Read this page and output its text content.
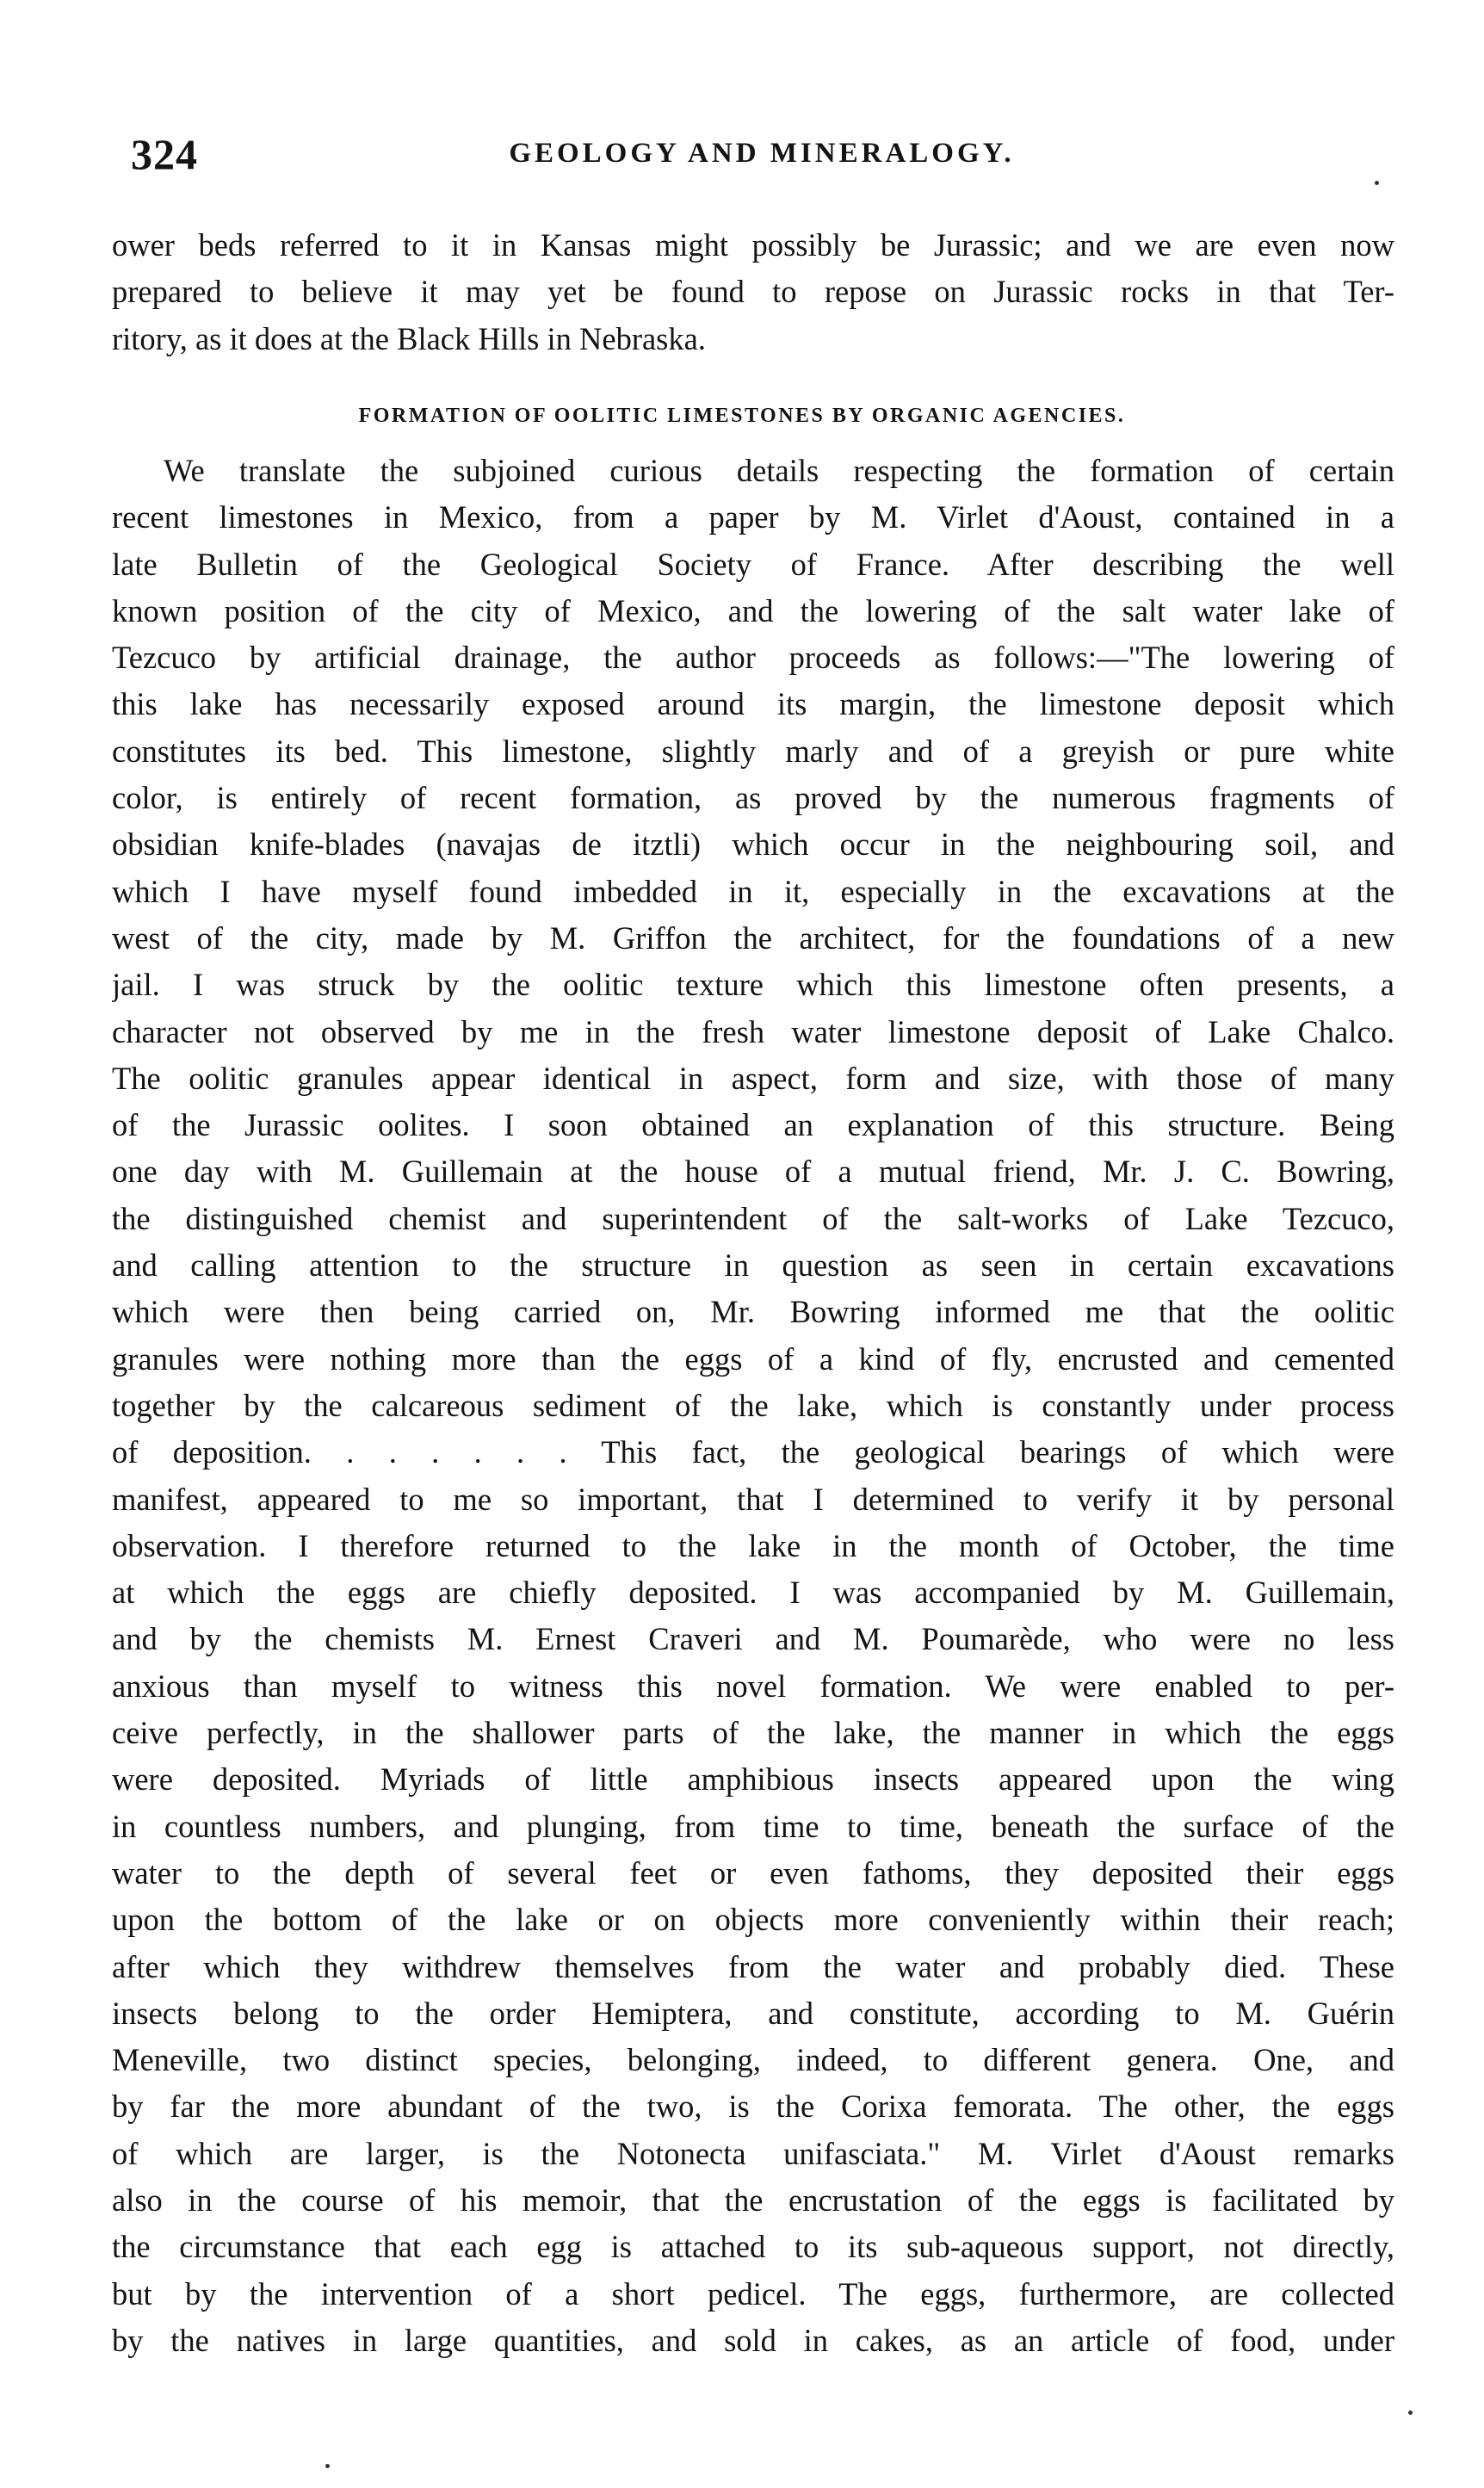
324	GEOLOGY AND MINERALOGY.
ower beds referred to it in Kansas might possibly be Jurassic; and we are even now
prepared to believe it may yet be found to repose on Jurassic rocks in that Ter-
ritory, as it does at the Black Hills in Nebraska.
FORMATION OF OOLITIC LIMESTONES BY ORGANIC AGENCIES.
We translate the subjoined curious details respecting the formation of certain
recent limestones in Mexico, from a paper by M. Virlet d'Aoust, contained in a
late Bulletin of the Geological Society of France. After describing the well
known position of the city of Mexico, and the lowering of the salt water lake of
Tezcuco by artificial drainage, the author proceeds as follows:—"The lowering of
this lake has necessarily exposed around its margin, the limestone deposit which
constitutes its bed. This limestone, slightly marly and of a greyish or pure white
color, is entirely of recent formation, as proved by the numerous fragments of
obsidian knife-blades (navajas de itztli) which occur in the neighbouring soil, and
which I have myself found imbedded in it, especially in the excavations at the
west of the city, made by M. Griffon the architect, for the foundations of a new
jail. I was struck by the oolitic texture which this limestone often presents, a
character not observed by me in the fresh water limestone deposit of Lake Chalco.
The oolitic granules appear identical in aspect, form and size, with those of many
of the Jurassic oolites. I soon obtained an explanation of this structure. Being
one day with M. Guillemain at the house of a mutual friend, Mr. J. C. Bowring,
the distinguished chemist and superintendent of the salt-works of Lake Tezcuco,
and calling attention to the structure in question as seen in certain excavations
which were then being carried on, Mr. Bowring informed me that the oolitic
granules were nothing more than the eggs of a kind of fly, encrusted and cemented
together by the calcareous sediment of the lake, which is constantly under process
of deposition. . . . . . . This fact, the geological bearings of which were
manifest, appeared to me so important, that I determined to verify it by personal
observation. I therefore returned to the lake in the month of October, the time
at which the eggs are chiefly deposited. I was accompanied by M. Guillemain,
and by the chemists M. Ernest Craveri and M. Poumarède, who were no less
anxious than myself to witness this novel formation. We were enabled to per-
ceive perfectly, in the shallower parts of the lake, the manner in which the eggs
were deposited. Myriads of little amphibious insects appeared upon the wing
in countless numbers, and plunging, from time to time, beneath the surface of the
water to the depth of several feet or even fathoms, they deposited their eggs
upon the bottom of the lake or on objects more conveniently within their reach;
after which they withdrew themselves from the water and probably died. These
insects belong to the order Hemiptera, and constitute, according to M. Guérin
Meneville, two distinct species, belonging, indeed, to different genera. One, and
by far the more abundant of the two, is the Corixa femorata. The other, the eggs
of which are larger, is the Notonecta unifasciata." M. Virlet d'Aoust remarks
also in the course of his memoir, that the encrustation of the eggs is facilitated by
the circumstance that each egg is attached to its sub-aqueous support, not directly,
but by the intervention of a short pedicel. The eggs, furthermore, are collected
by the natives in large quantities, and sold in cakes, as an article of food, under
